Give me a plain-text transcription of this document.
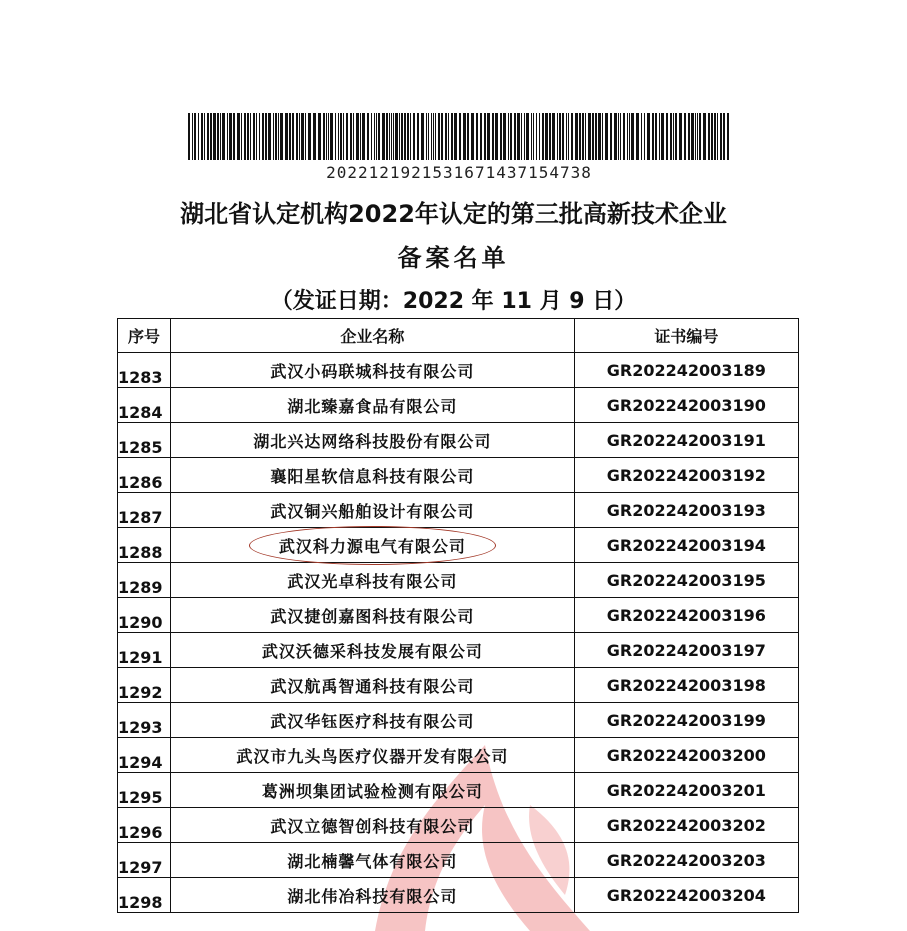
20221219215316714371547​38
湖北省认定机构2022年认定的第三批高新技术企业
备案名单
（发证日期：2022 年 11 月 9 日）
序号	企业名称	证书编号
1283	武汉小码联城科技有限公司	GR202242003189
1284	湖北臻嘉食品有限公司	GR202242003190
1285	湖北兴达网络科技股份有限公司	GR202242003191
1286	襄阳星软信息科技有限公司	GR202242003192
1287	武汉铜兴船舶设计有限公司	GR202242003193
1288	武汉科力源电气有限公司	GR202242003194
1289	武汉光卓科技有限公司	GR202242003195
1290	武汉捷创嘉图科技有限公司	GR202242003196
1291	武汉沃德采科技发展有限公司	GR202242003197
1292	武汉航禹智通科技有限公司	GR202242003198
1293	武汉华钰医疗科技有限公司	GR202242003199
1294	武汉市九头鸟医疗仪器开发有限公司	GR202242003200
1295	葛洲坝集团试验检测有限公司	GR202242003201
1296	武汉立德智创科技有限公司	GR202242003202
1297	湖北楠馨气体有限公司	GR202242003203
1298	湖北伟冶科技有限公司	GR202242003204
